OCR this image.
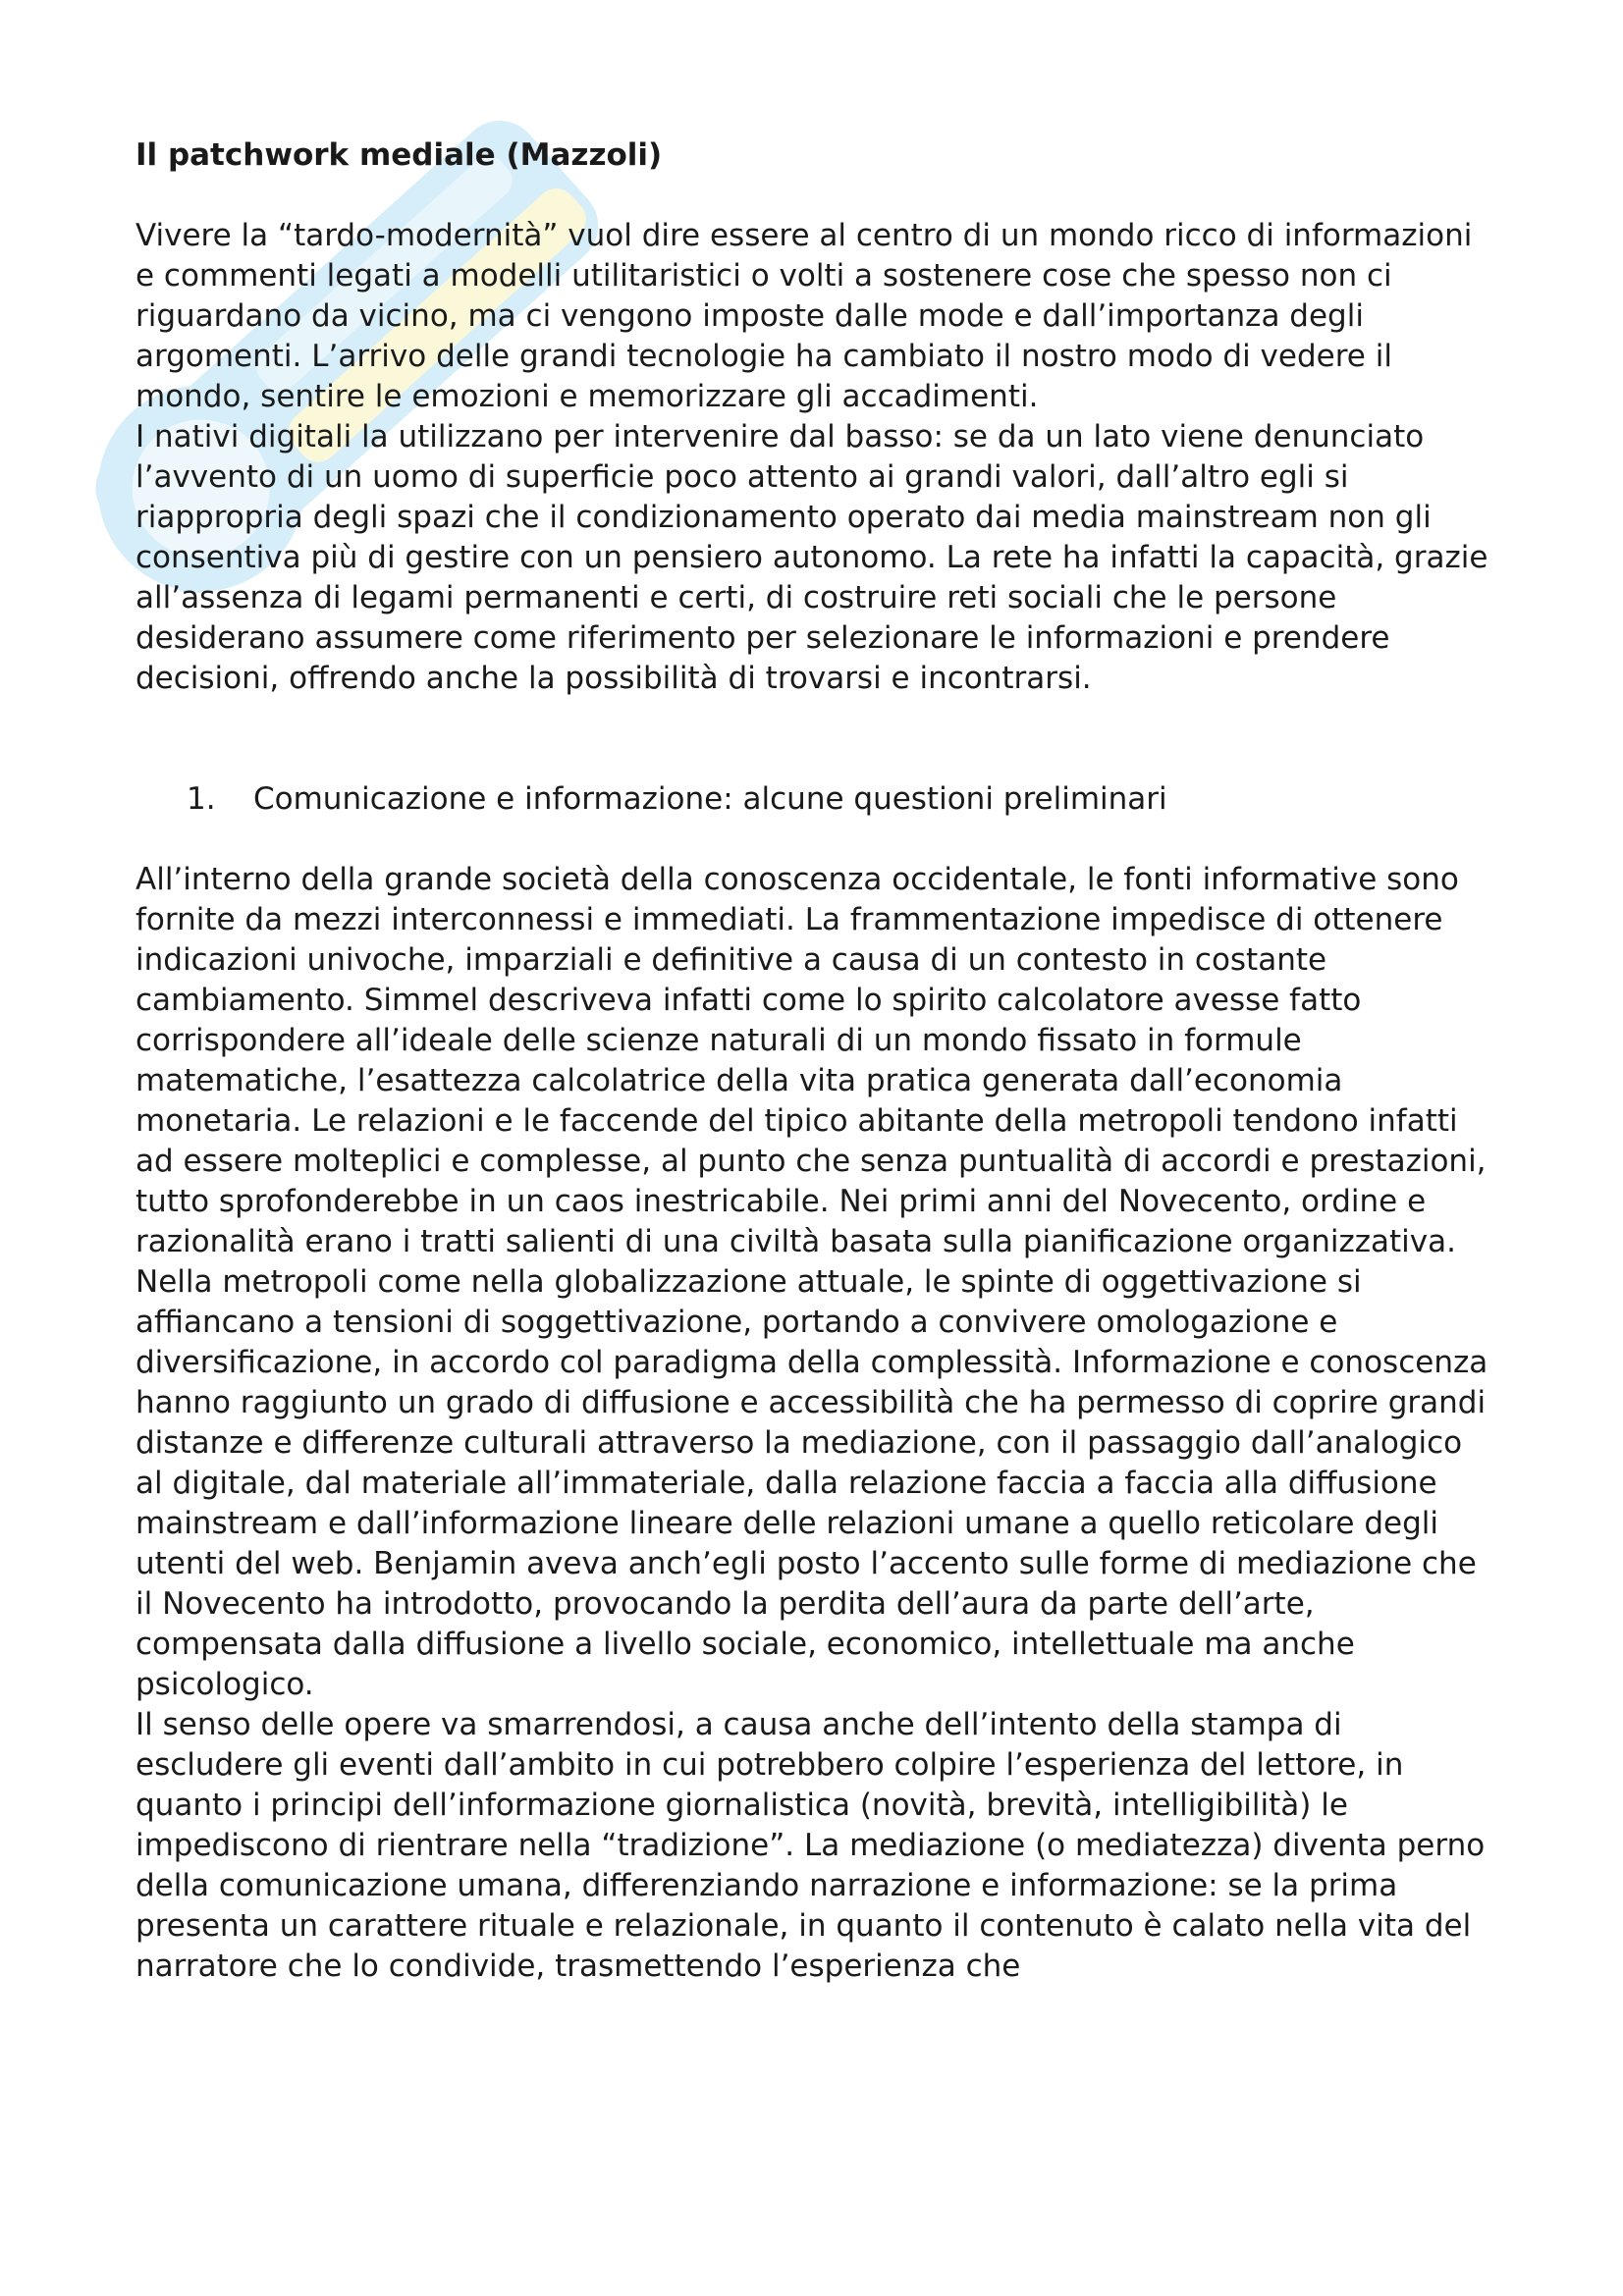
Il patchwork mediale (Mazzoli)

Vivere la “tardo-modernità” vuol dire essere al centro di un mondo ricco di informazioni e commenti legati a modelli utilitaristici o volti a sostenere cose che spesso non ci riguardano da vicino, ma ci vengono imposte dalle mode e dall’importanza degli argomenti. L’arrivo delle grandi tecnologie ha cambiato il nostro modo di vedere il mondo, sentire le emozioni e memorizzare gli accadimenti.

I nativi digitali la utilizzano per intervenire dal basso: se da un lato viene denunciato l’avvento di un uomo di superficie poco attento ai grandi valori, dall’altro egli si riappropria degli spazi che il condizionamento operato dai media mainstream non gli consentiva più di gestire con un pensiero autonomo. La rete ha infatti la capacità, grazie all’assenza di legami permanenti e certi, di costruire reti sociali che le persone desiderano assumere come riferimento per selezionare le informazioni e prendere decisioni, offrendo anche la possibilità di trovarsi e incontrarsi.

1.	Comunicazione e informazione: alcune questioni preliminari

All’interno della grande società della conoscenza occidentale, le fonti informative sono fornite da mezzi interconnessi e immediati. La frammentazione impedisce di ottenere indicazioni univoche, imparziali e definitive a causa di un contesto in costante cambiamento. Simmel descriveva infatti come lo spirito calcolatore avesse fatto corrispondere all’ideale delle scienze naturali di un mondo fissato in formule matematiche, l’esattezza calcolatrice della vita pratica generata dall’economia monetaria. Le relazioni e le faccende del tipico abitante della metropoli tendono infatti ad essere molteplici e complesse, al punto che senza puntualità di accordi e prestazioni, tutto sprofonderebbe in un caos inestricabile. Nei primi anni del Novecento, ordine e razionalità erano i tratti salienti di una civiltà basata sulla pianificazione organizzativa.

Nella metropoli come nella globalizzazione attuale, le spinte di oggettivazione si affiancano a tensioni di soggettivazione, portando a convivere omologazione e diversificazione, in accordo col paradigma della complessità. Informazione e conoscenza hanno raggiunto un grado di diffusione e accessibilità che ha permesso di coprire grandi distanze e differenze culturali attraverso la mediazione, con il passaggio dall’analogico al digitale, dal materiale all’immateriale, dalla relazione faccia a faccia alla diffusione mainstream e dall’informazione lineare delle relazioni umane a quello reticolare degli utenti del web. Benjamin aveva anch’egli posto l’accento sulle forme di mediazione che il Novecento ha introdotto, provocando la perdita dell’aura da parte dell’arte, compensata dalla diffusione a livello sociale, economico, intellettuale ma anche psicologico.

Il senso delle opere va smarrendosi, a causa anche dell’intento della stampa di escludere gli eventi dall’ambito in cui potrebbero colpire l’esperienza del lettore, in quanto i principi dell’informazione giornalistica (novità, brevità, intelligibilità) le impediscono di rientrare nella “tradizione”. La mediazione (o mediatezza) diventa perno della comunicazione umana, differenziando narrazione e informazione: se la prima presenta un carattere rituale e relazionale, in quanto il contenuto è calato nella vita del narratore che lo condivide, trasmettendo l’esperienza che
